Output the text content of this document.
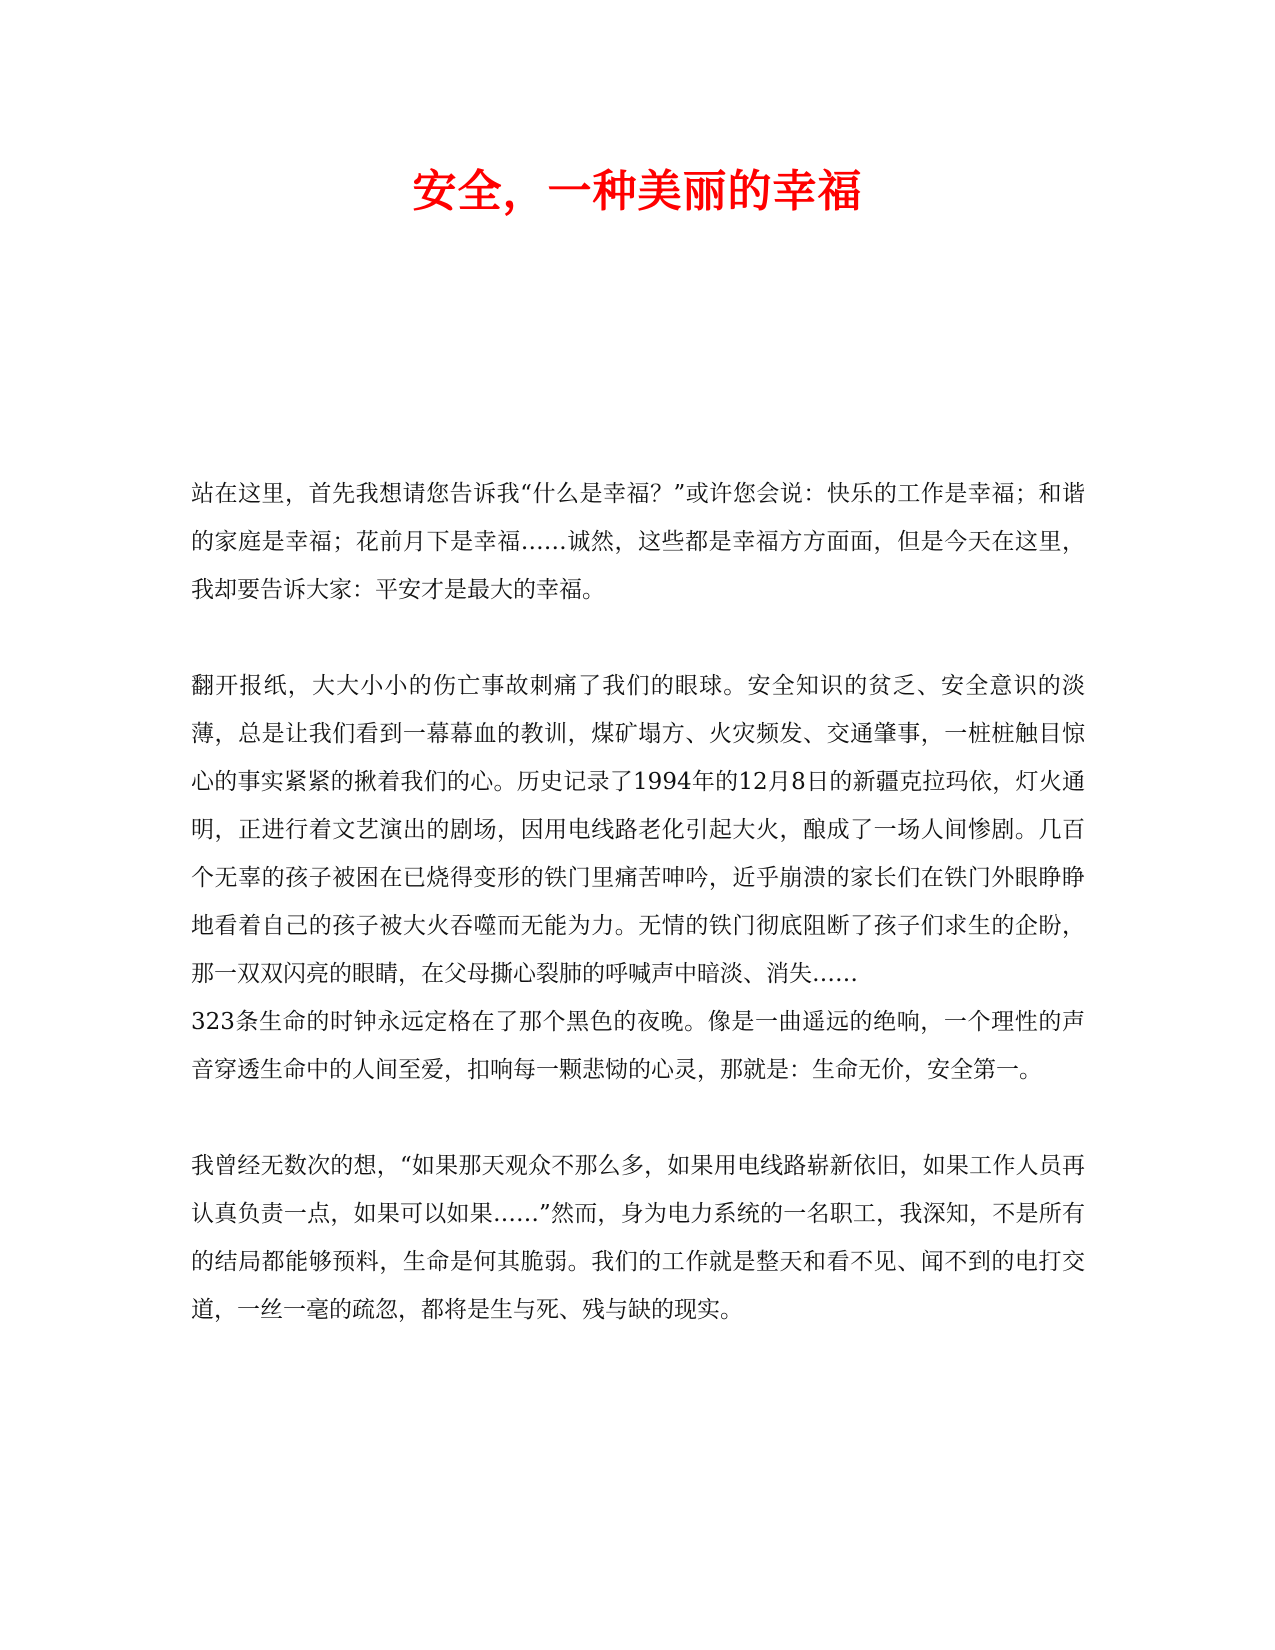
安全，一种美丽的幸福

站在这里，首先我想请您告诉我“什么是幸福？”或许您会说：快乐的工作是幸福；和谐的家庭是幸福；花前月下是幸福……诚然，这些都是幸福方方面面，但是今天在这里，我却要告诉大家：平安才是最大的幸福。

翻开报纸，大大小小的伤亡事故刺痛了我们的眼球。安全知识的贫乏、安全意识的淡薄，总是让我们看到一幕幕血的教训，煤矿塌方、火灾频发、交通肇事，一桩桩触目惊心的事实紧紧的揪着我们的心。历史记录了1994年的12月8日的新疆克拉玛依，灯火通明，正进行着文艺演出的剧场，因用电线路老化引起大火，酿成了一场人间惨剧。几百个无辜的孩子被困在已烧得变形的铁门里痛苦呻吟，近乎崩溃的家长们在铁门外眼睁睁地看着自己的孩子被大火吞噬而无能为力。无情的铁门彻底阻断了孩子们求生的企盼，那一双双闪亮的眼睛，在父母撕心裂肺的呼喊声中暗淡、消失……

323条生命的时钟永远定格在了那个黑色的夜晚。像是一曲遥远的绝响，一个理性的声音穿透生命中的人间至爱，扣响每一颗悲恸的心灵，那就是：生命无价，安全第一。

我曾经无数次的想，“如果那天观众不那么多，如果用电线路崭新依旧，如果工作人员再认真负责一点，如果可以如果……”然而，身为电力系统的一名职工，我深知，不是所有的结局都能够预料，生命是何其脆弱。我们的工作就是整天和看不见、闻不到的电打交道，一丝一毫的疏忽，都将是生与死、残与缺的现实。
